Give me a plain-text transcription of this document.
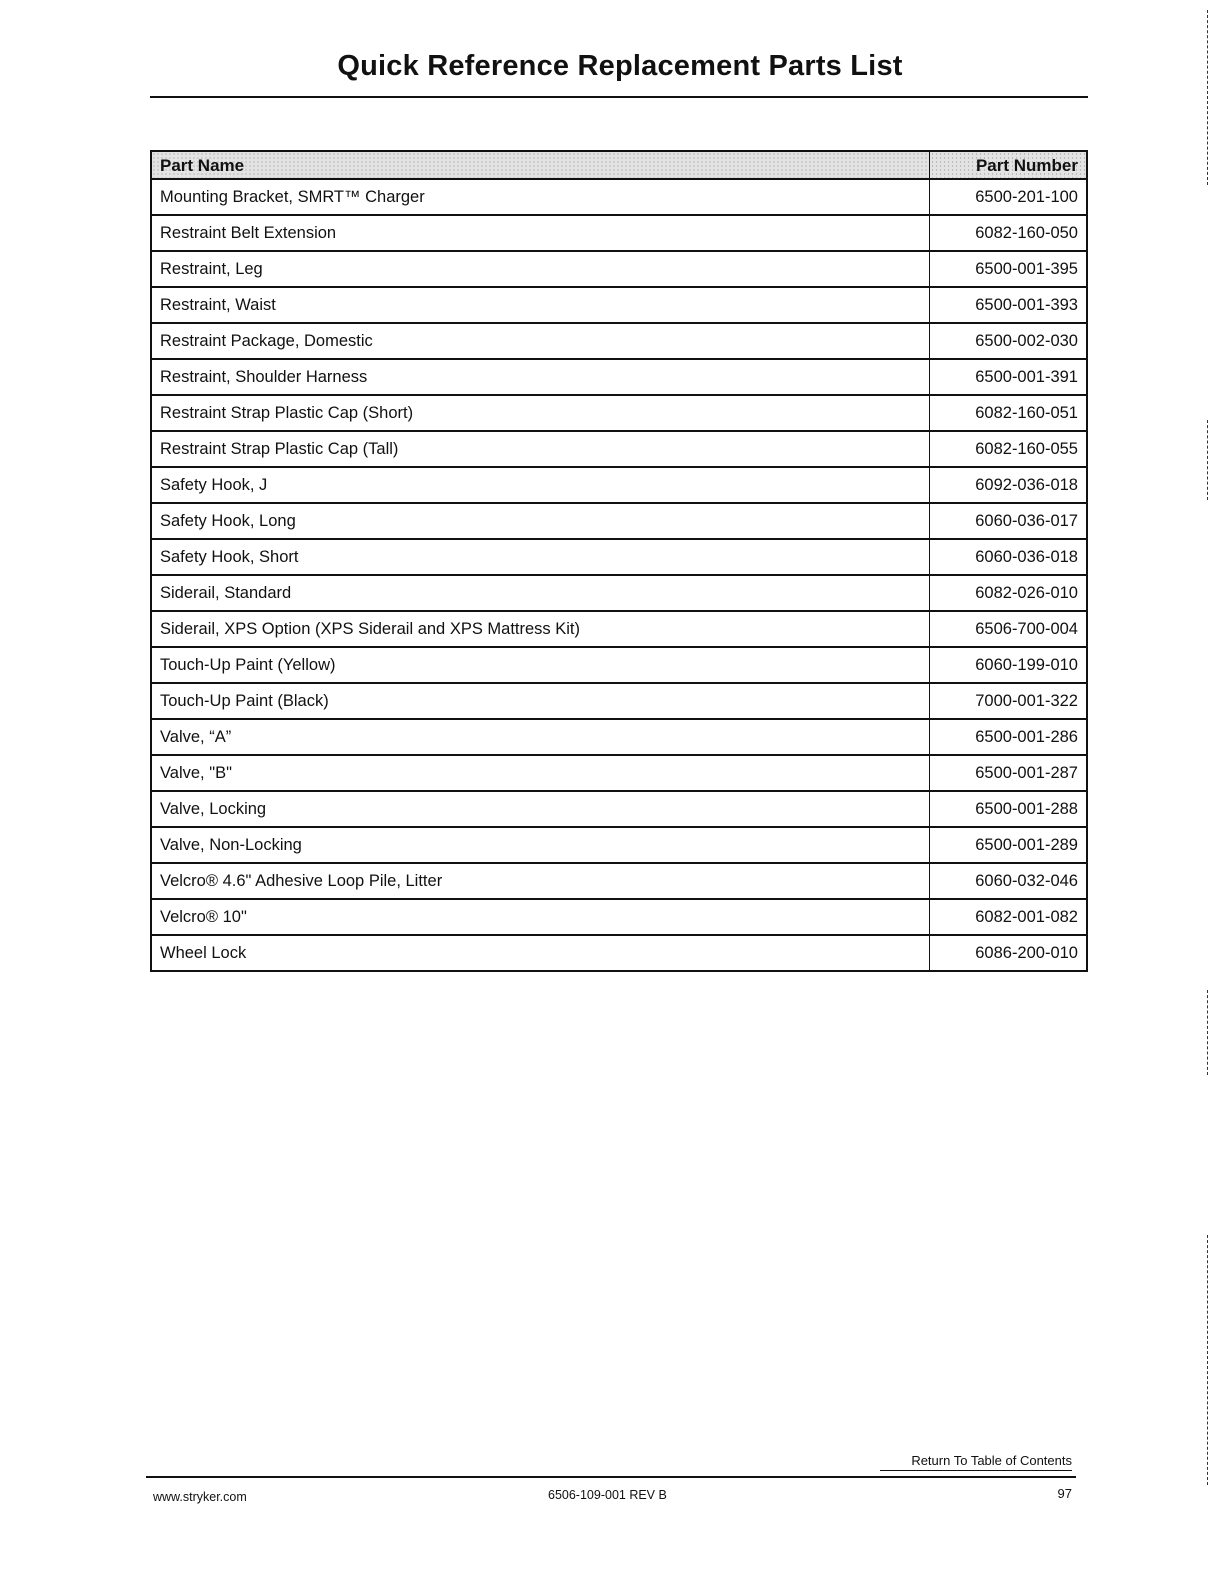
Quick Reference Replacement Parts List
Part Name	Part Number
Mounting Bracket, SMRT™ Charger	6500-201-100
Restraint Belt Extension	6082-160-050
Restraint, Leg	6500-001-395
Restraint, Waist	6500-001-393
Restraint Package, Domestic	6500-002-030
Restraint, Shoulder Harness	6500-001-391
Restraint Strap Plastic Cap (Short)	6082-160-051
Restraint Strap Plastic Cap (Tall)	6082-160-055
Safety Hook, J	6092-036-018
Safety Hook, Long	6060-036-017
Safety Hook, Short	6060-036-018
Siderail, Standard	6082-026-010
Siderail, XPS Option (XPS Siderail and XPS Mattress Kit)	6506-700-004
Touch-Up Paint (Yellow)	6060-199-010
Touch-Up Paint (Black)	7000-001-322
Valve, “A”	6500-001-286
Valve, "B"	6500-001-287
Valve, Locking	6500-001-288
Valve, Non-Locking	6500-001-289
Velcro® 4.6" Adhesive Loop Pile, Litter	6060-032-046
Velcro® 10"	6082-001-082
Wheel Lock	6086-200-010
Return To Table of Contents
www.stryker.com	6506-109-001 REV B	97
